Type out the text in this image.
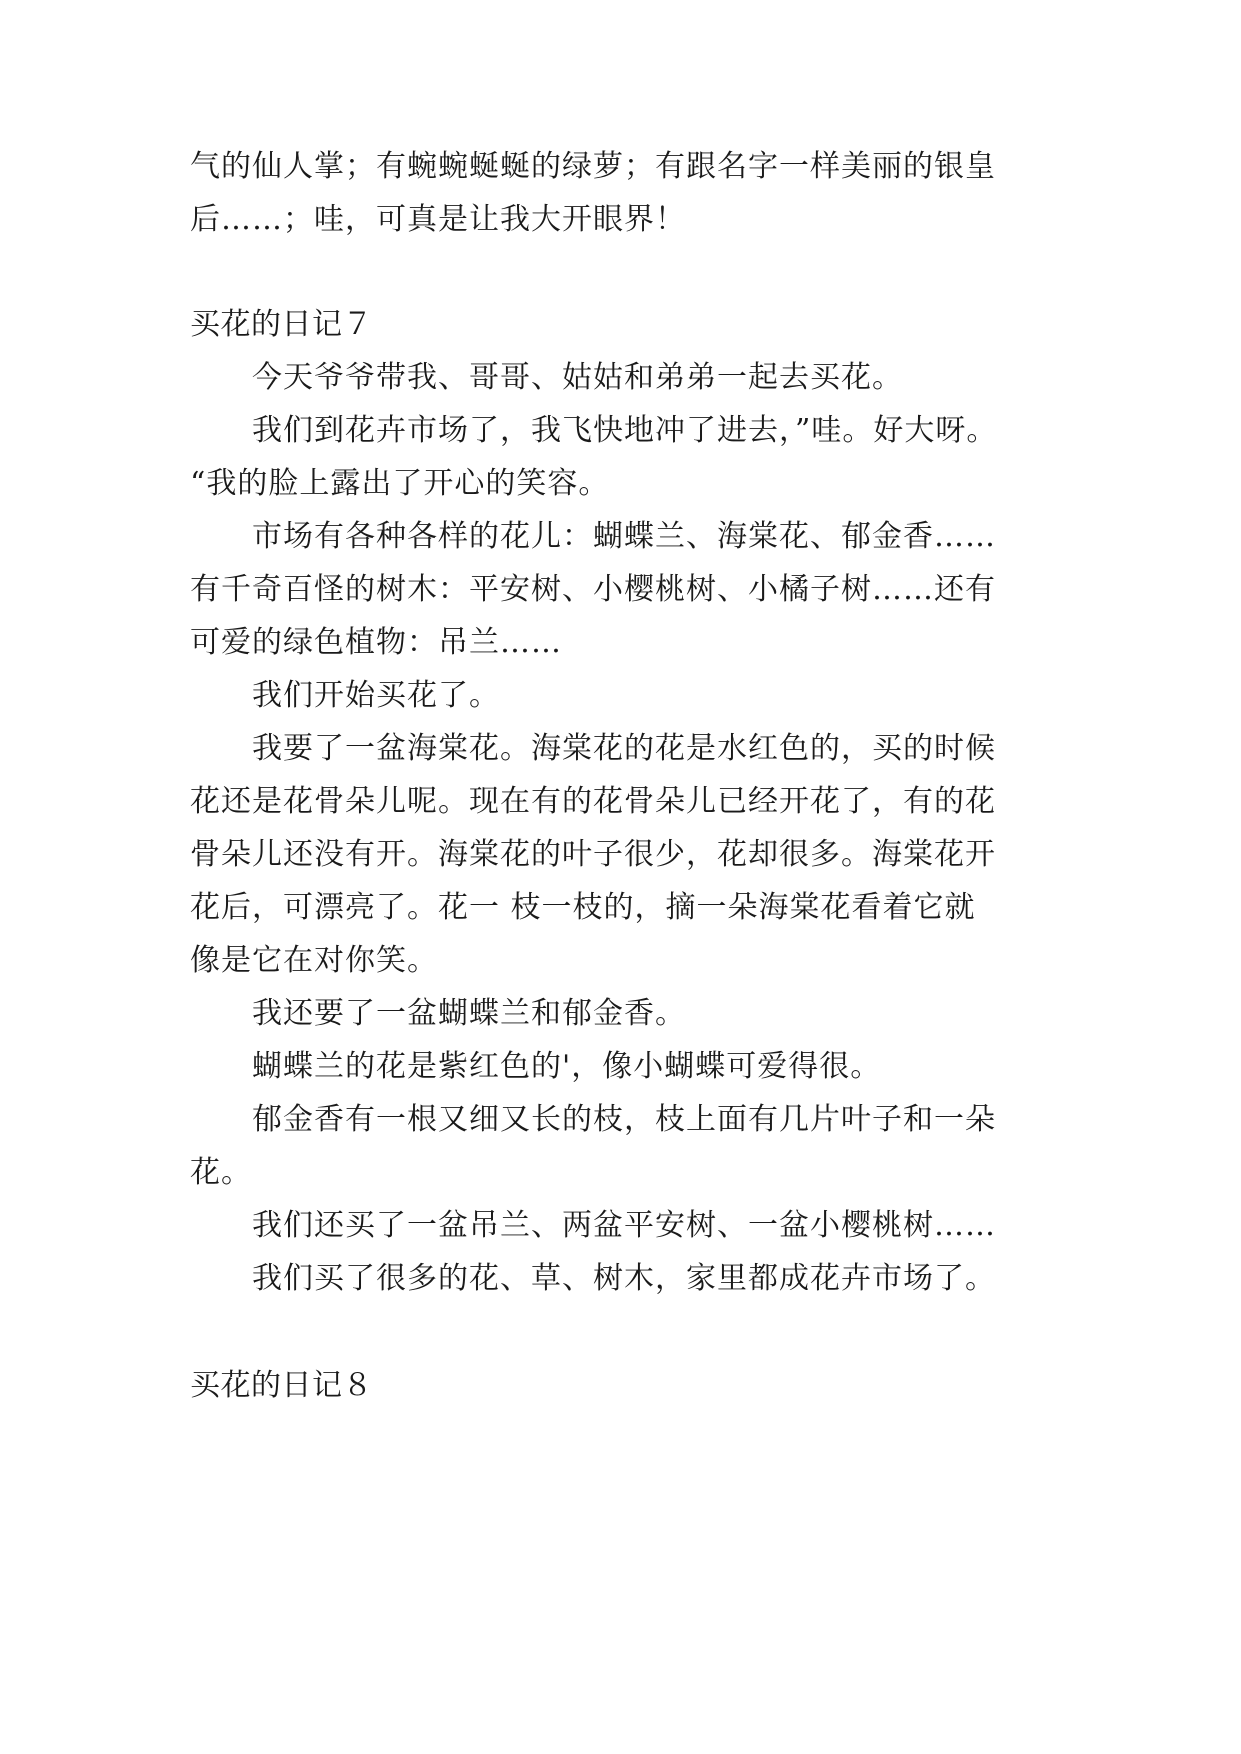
气的仙人掌；有蜿蜿蜒蜒的绿萝；有跟名字一样美丽的银皇
后……；哇，可真是让我大开眼界！
买花的日记７
今天爷爷带我、哥哥、姑姑和弟弟一起去买花。
我们到花卉市场了，我飞快地冲了进去，”哇。好大呀。
“我的脸上露出了开心的笑容。
市场有各种各样的花儿：蝴蝶兰、海棠花、郁金香……
有千奇百怪的树木：平安树、小樱桃树、小橘子树……还有
可爱的绿色植物：吊兰……
我们开始买花了。
我要了一盆海棠花。海棠花的花是水红色的，买的时候
花还是花骨朵儿呢。现在有的花骨朵儿已经开花了，有的花
骨朵儿还没有开。海棠花的叶子很少，花却很多。海棠花开
花后，可漂亮了。花一 枝一枝的，摘一朵海棠花看着它就
像是它在对你笑。
我还要了一盆蝴蝶兰和郁金香。
蝴蝶兰的花是紫红色的'，像小蝴蝶可爱得很。
郁金香有一根又细又长的枝，枝上面有几片叶子和一朵
花。
我们还买了一盆吊兰、两盆平安树、一盆小樱桃树……
我们买了很多的花、草、树木，家里都成花卉市场了。
买花的日记８
